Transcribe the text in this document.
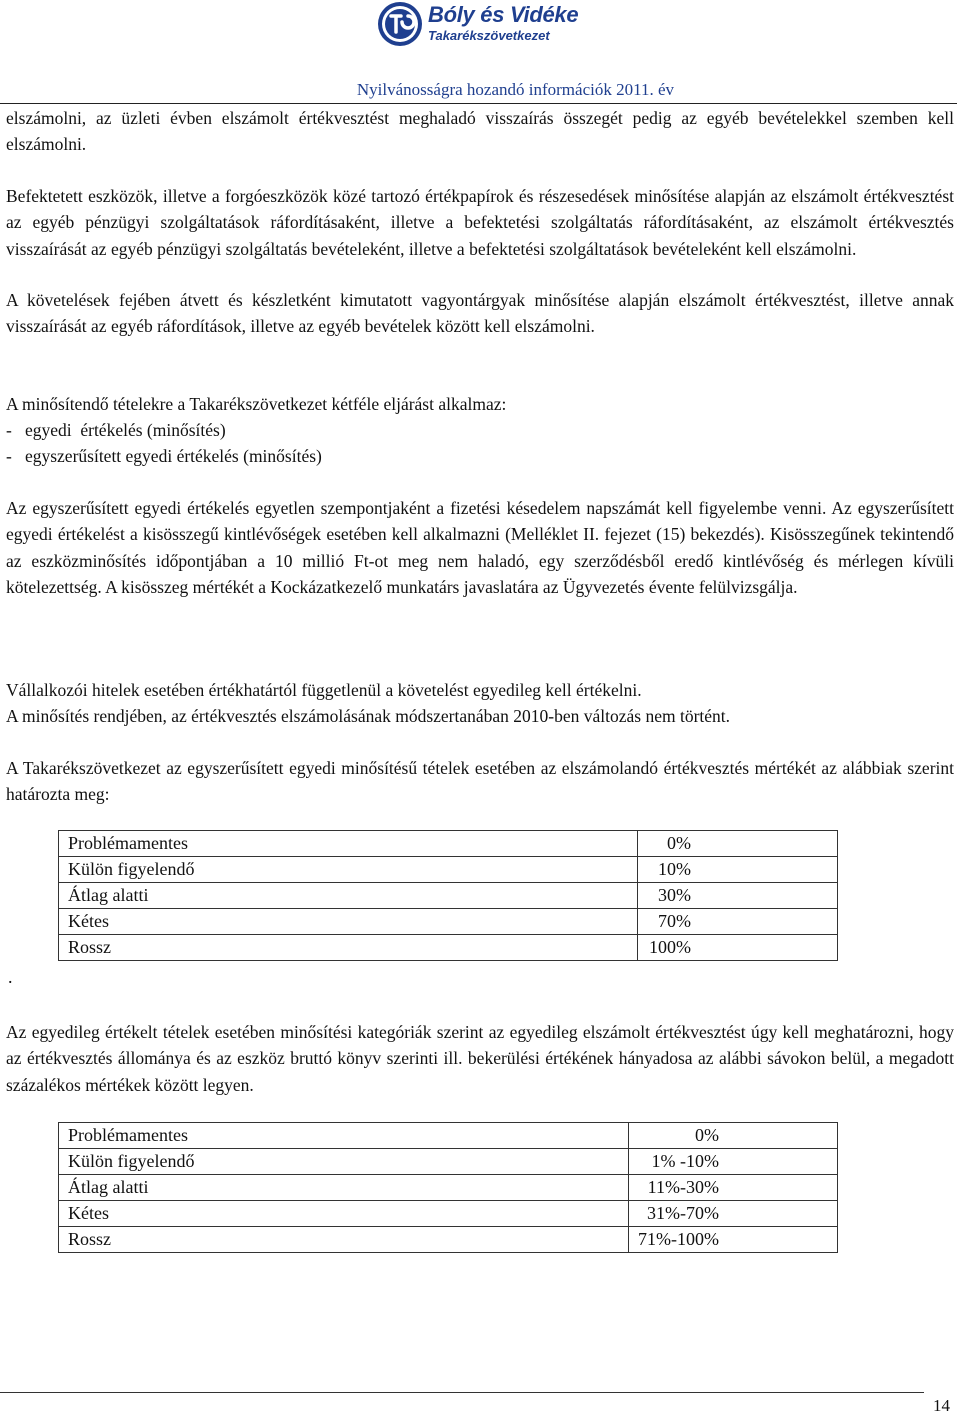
Bóly és Vidéke
Takarékszövetkezet
Nyilvánosságra hozandó információk 2011. év

elszámolni, az üzleti évben elszámolt értékvesztést meghaladó visszaírás összegét pedig az egyéb bevételekkel szemben kell elszámolni.

Befektetett eszközök, illetve a forgóeszközök közé tartozó értékpapírok és részesedések minősítése alapján az elszámolt értékvesztést az egyéb pénzügyi szolgáltatások ráfordításaként, illetve a befektetési szolgáltatás ráfordításaként, az elszámolt értékvesztés visszaírását az egyéb pénzügyi szolgáltatás bevételeként, illetve a befektetési szolgáltatások bevételeként kell elszámolni.

A követelések fejében átvett és készletként kimutatott vagyontárgyak minősítése alapján elszámolt értékvesztést, illetve annak visszaírását az egyéb ráfordítások, illetve az egyéb bevételek között kell elszámolni.

A minősítendő tételekre a Takarékszövetkezet kétféle eljárást alkalmaz:

-   egyedi  értékelés (minősítés)

-   egyszerűsített egyedi értékelés (minősítés)

Az egyszerűsített egyedi értékelés egyetlen szempontjaként a fizetési késedelem napszámát kell figyelembe venni. Az egyszerűsített egyedi értékelést a kisösszegű kintlévőségek esetében kell alkalmazni (Melléklet II. fejezet (15) bekezdés). Kisösszegűnek tekintendő az eszközminősítés időpontjában a 10 millió Ft-ot meg nem haladó, egy szerződésből eredő kintlévőség és mérlegen kívüli kötelezettség. A kisösszeg mértékét a Kockázatkezelő munkatárs javaslatára az Ügyvezetés évente felülvizsgálja.

Vállalkozói hitelek esetében értékhatártól függetlenül a követelést egyedileg kell értékelni.

A minősítés rendjében, az értékvesztés elszámolásának módszertanában 2010-ben változás nem történt.

A Takarékszövetkezet az egyszerűsített egyedi minősítésű tételek esetében az elszámolandó értékvesztés mértékét az alábbiak szerint határozta meg:

Problémamentes	0%
Külön figyelendő	10%
Átlag alatti	30%
Kétes	70%
Rossz	100%
.

Az egyedileg értékelt tételek esetében minősítési kategóriák szerint az egyedileg elszámolt értékvesztést úgy kell meghatározni, hogy az értékvesztés állománya és az eszköz bruttó könyv szerinti ill. bekerülési értékének hányadosa az alábbi sávokon belül, a megadott százalékos mértékek között legyen.

Problémamentes	0%
Külön figyelendő	1% -10%
Átlag alatti	11%-30%
Kétes	31%-70%
Rossz	71%-100%
14
